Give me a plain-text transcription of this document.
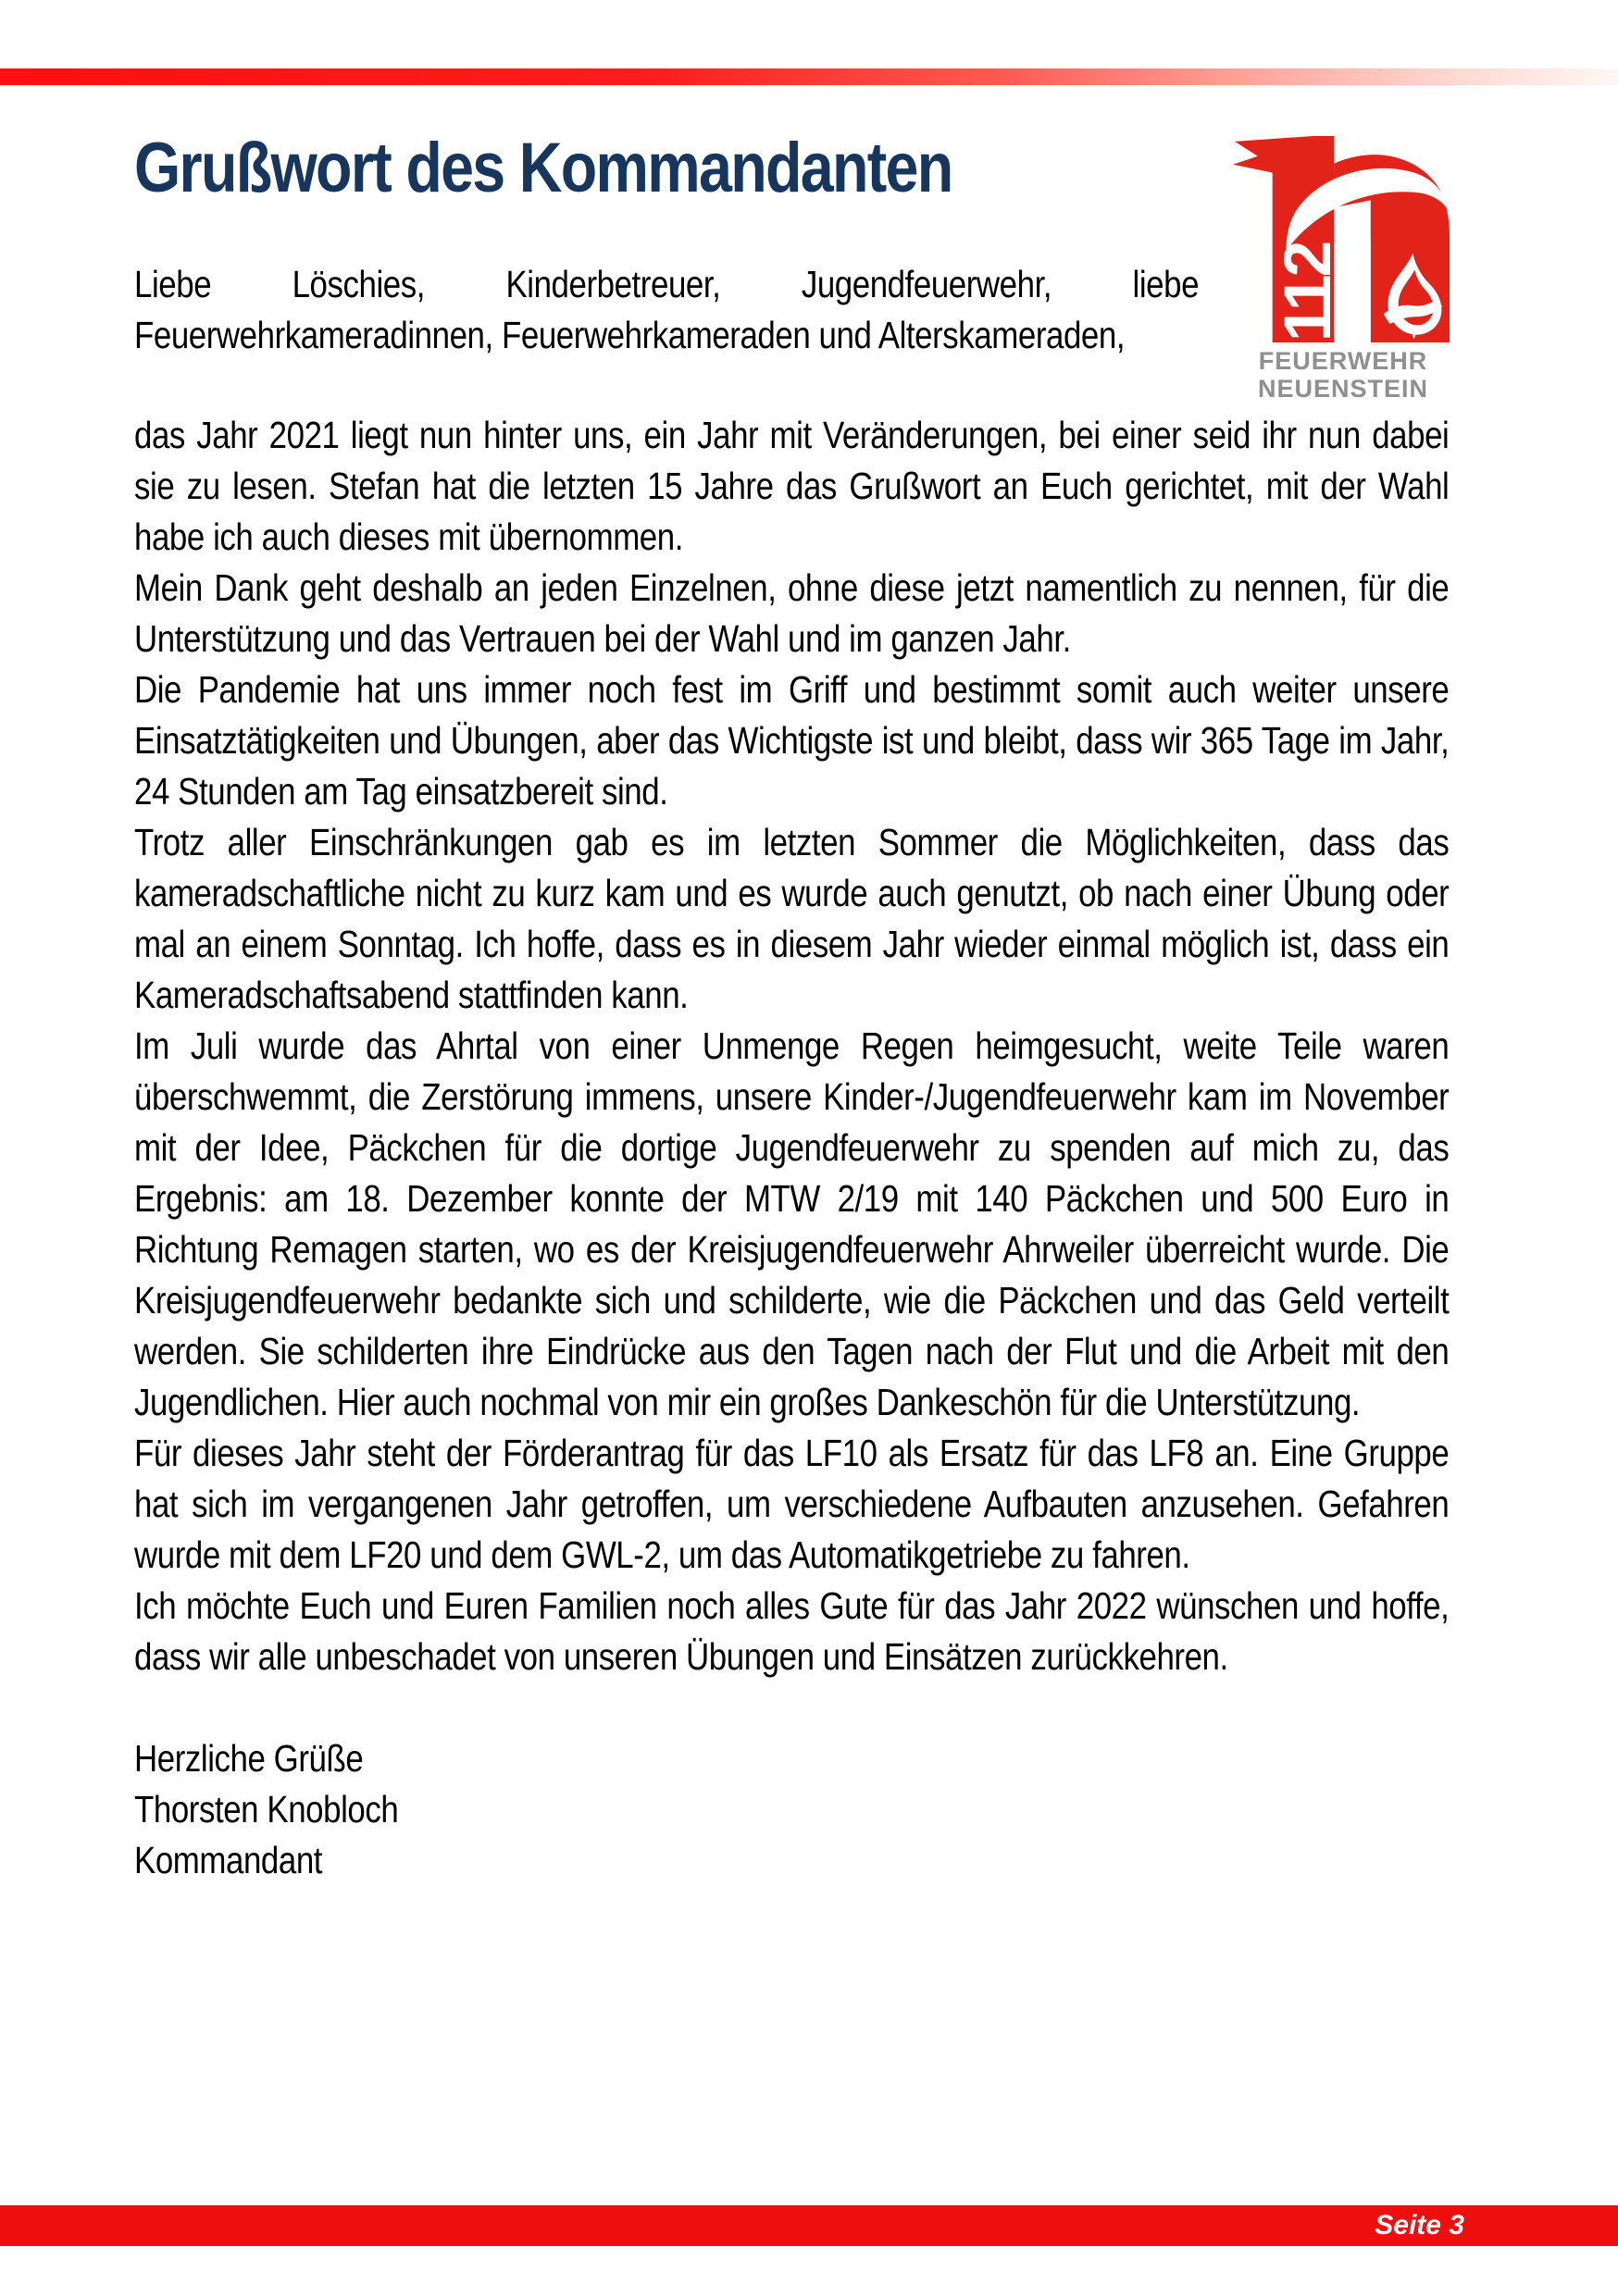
Grußwort des Kommandanten

Liebe Löschies, Kinderbetreuer, Jugendfeuerwehr, liebe Feuerwehrkameradinnen, Feuerwehrkameraden und Alterskameraden,

das Jahr 2021 liegt nun hinter uns, ein Jahr mit Veränderungen, bei einer seid ihr nun dabei sie zu lesen. Stefan hat die letzten 15 Jahre das Grußwort an Euch gerichtet, mit der Wahl habe ich auch dieses mit übernommen.

Mein Dank geht deshalb an jeden Einzelnen, ohne diese jetzt namentlich zu nennen, für die Unterstützung und das Vertrauen bei der Wahl und im ganzen Jahr.

Die Pandemie hat uns immer noch fest im Griff und bestimmt somit auch weiter unsere Einsatztätigkeiten und Übungen, aber das Wichtigste ist und bleibt, dass wir 365 Tage im Jahr, 24 Stunden am Tag einsatzbereit sind.

Trotz aller Einschränkungen gab es im letzten Sommer die Möglichkeiten, dass das kameradschaftliche nicht zu kurz kam und es wurde auch genutzt, ob nach einer Übung oder mal an einem Sonntag. Ich hoffe, dass es in diesem Jahr wieder einmal möglich ist, dass ein Kameradschaftsabend stattfinden kann.

Im Juli wurde das Ahrtal von einer Unmenge Regen heimgesucht, weite Teile waren überschwemmt, die Zerstörung immens, unsere Kinder-/Jugendfeuerwehr kam im November mit der Idee, Päckchen für die dortige Jugendfeuerwehr zu spenden auf mich zu, das Ergebnis: am 18. Dezember konnte der MTW 2/19 mit 140 Päckchen und 500 Euro in Richtung Remagen starten, wo es der Kreisjugendfeuerwehr Ahrweiler überreicht wurde. Die Kreisjugendfeuerwehr bedankte sich und schilderte, wie die Päckchen und das Geld verteilt werden. Sie schilderten ihre Eindrücke aus den Tagen nach der Flut und die Arbeit mit den Jugendlichen. Hier auch nochmal von mir ein großes Dankeschön für die Unterstützung.

Für dieses Jahr steht der Förderantrag für das LF10 als Ersatz für das LF8 an. Eine Gruppe hat sich im vergangenen Jahr getroffen, um verschiedene Aufbauten anzusehen. Gefahren wurde mit dem LF20 und dem GWL-2, um das Automatikgetriebe zu fahren.

Ich möchte Euch und Euren Familien noch alles Gute für das Jahr 2022 wünschen und hoffe, dass wir alle unbeschadet von unseren Übungen und Einsätzen zurückkehren.

Herzliche Grüße

Thorsten Knobloch

Kommandant

112
FEUERWEHR
NEUENSTEIN
Seite 3
